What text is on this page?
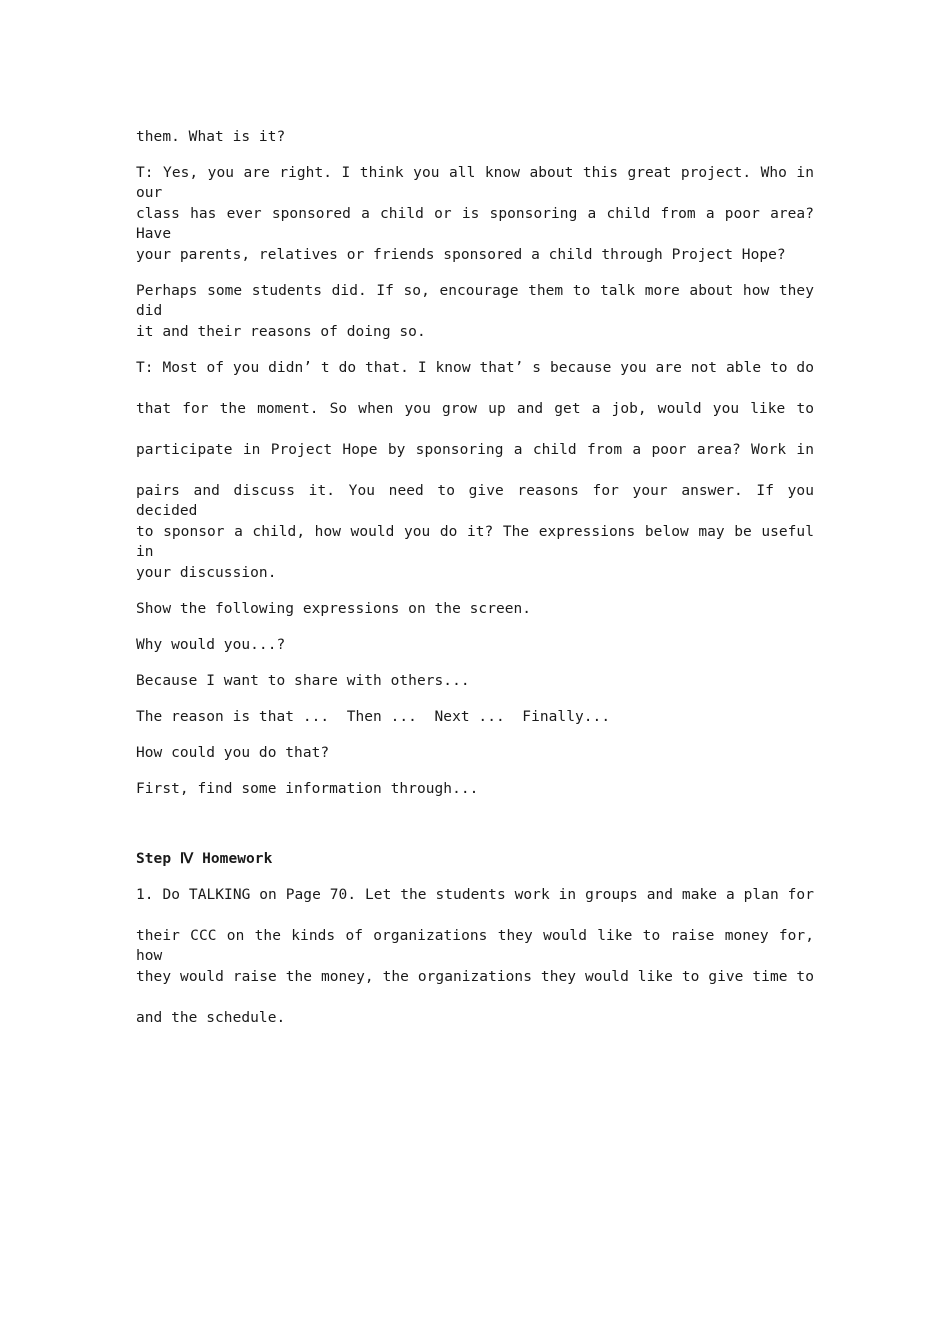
them. What is it?
T: Yes, you are right. I think you all know about this great project. Who in our
class has ever sponsored a child or is sponsoring a child from a poor area? Have
your parents, relatives or friends sponsored a child through Project Hope?
Perhaps some students did. If so, encourage them to talk more about how they did
it and their reasons of doing so.
T: Most of you didn’ t do that. I know that’ s because you are not able to do
that for the moment. So when you grow up and get a job, would you like to
participate in Project Hope by sponsoring a child from a poor area? Work in
pairs and discuss it. You need to give reasons for your answer. If you decided
to sponsor a child, how would you do it? The expressions below may be useful in
your discussion.
Show the following expressions on the screen.
Why would you...?
Because I want to share with others...
The reason is that ...  Then ...  Next ...  Finally...
How could you do that?
First, find some information through...
Step Ⅳ Homework
1. Do TALKING on Page 70. Let the students work in groups and make a plan for
their CCC on the kinds of organizations they would like to raise money for, how
they would raise the money, the organizations they would like to give time to
and the schedule.
